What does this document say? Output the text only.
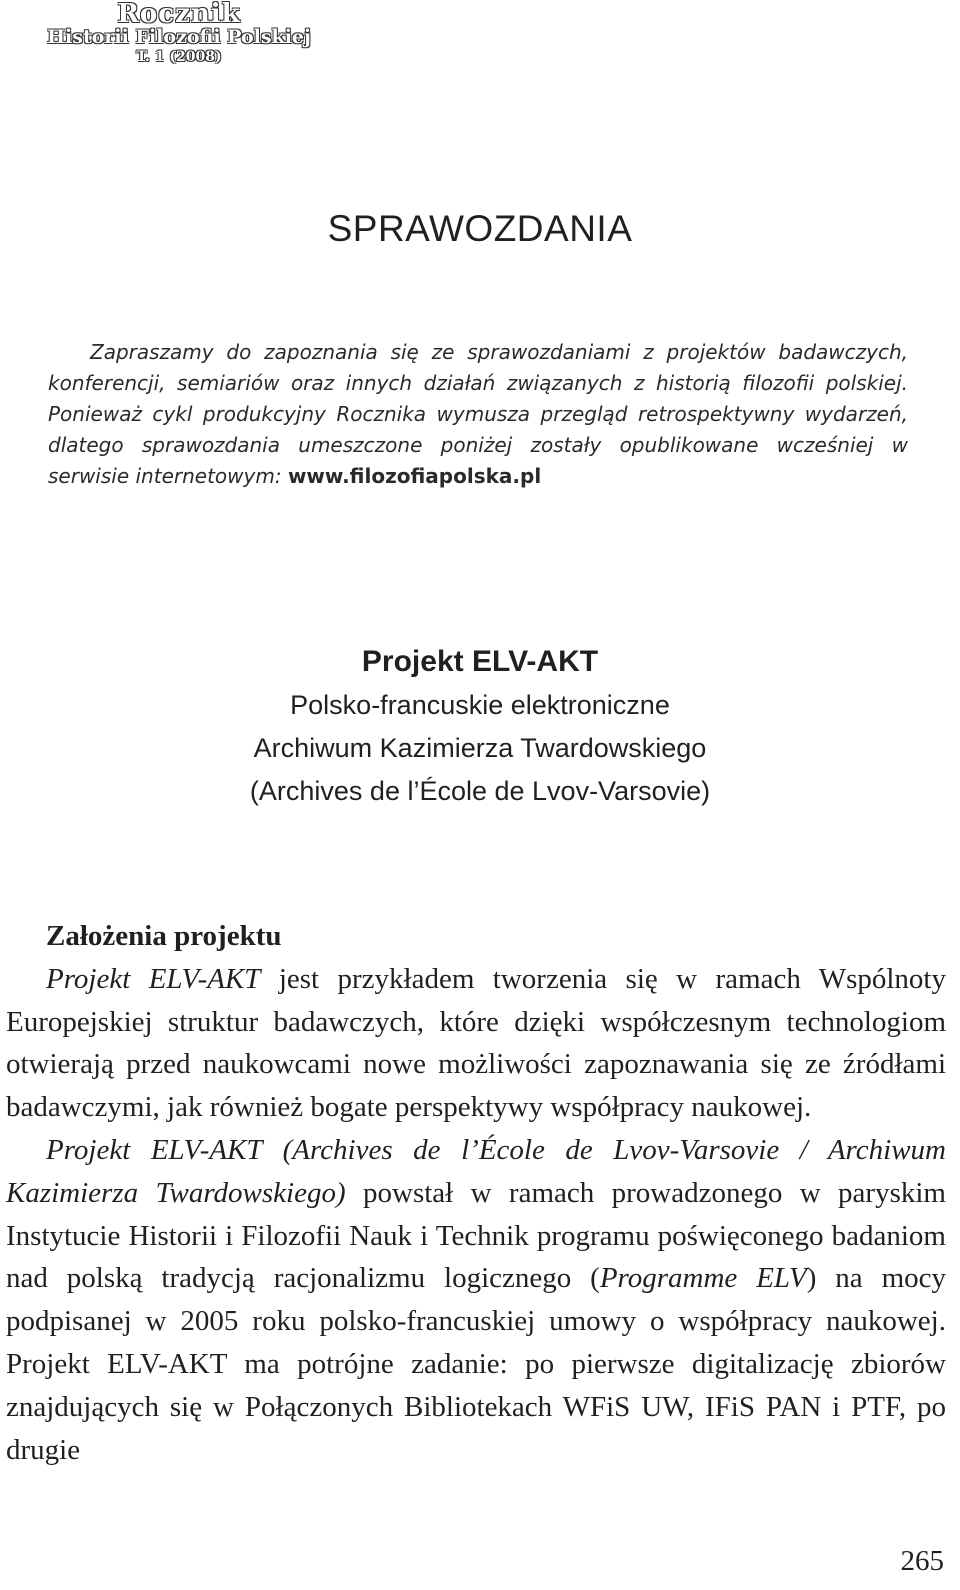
Rocznik
Historii Filozofii Polskiej
T. 1 (2008)
SPRAWOZDANIA
Zapraszamy do zapoznania się ze sprawozdaniami z projektów badawczych, konferencji, semiariów oraz innych działań związanych z historią filozofii polskiej. Ponieważ cykl produkcyjny Rocznika wymusza przegląd retrospektywny wydarzeń, dlatego sprawozdania umeszczone poniżej zostały opublikowane wcześniej w serwisie internetowym: www.filozofiapolska.pl
Projekt ELV-AKT
Polsko-francuskie elektroniczne
Archiwum Kazimierza Twardowskiego
(Archives de l’École de Lvov-Varsovie)
Założenia projektu

Projekt ELV-AKT jest przykładem tworzenia się w ramach Wspólnoty Europejskiej struktur badawczych, które dzięki współczesnym technologiom otwierają przed naukowcami nowe możliwości zapoznawania się ze źródłami badawczymi, jak również bogate perspektywy współpracy naukowej.

Projekt ELV-AKT (Archives de l’École de Lvov-Varsovie / Archiwum Kazimierza Twardowskiego) powstał w ramach prowadzonego w paryskim Instytucie Historii i Filozofii Nauk i Technik programu poświęconego badaniom nad polską tradycją racjonalizmu logicznego (Programme ELV) na mocy podpisanej w 2005 roku polsko-francuskiej umowy o współpracy naukowej. Projekt ELV-AKT ma potrójne zadanie: po pierwsze digitalizację zbiorów znajdujących się w Połączonych Bibliotekach WFiS UW, IFiS PAN i PTF, po drugie

265
